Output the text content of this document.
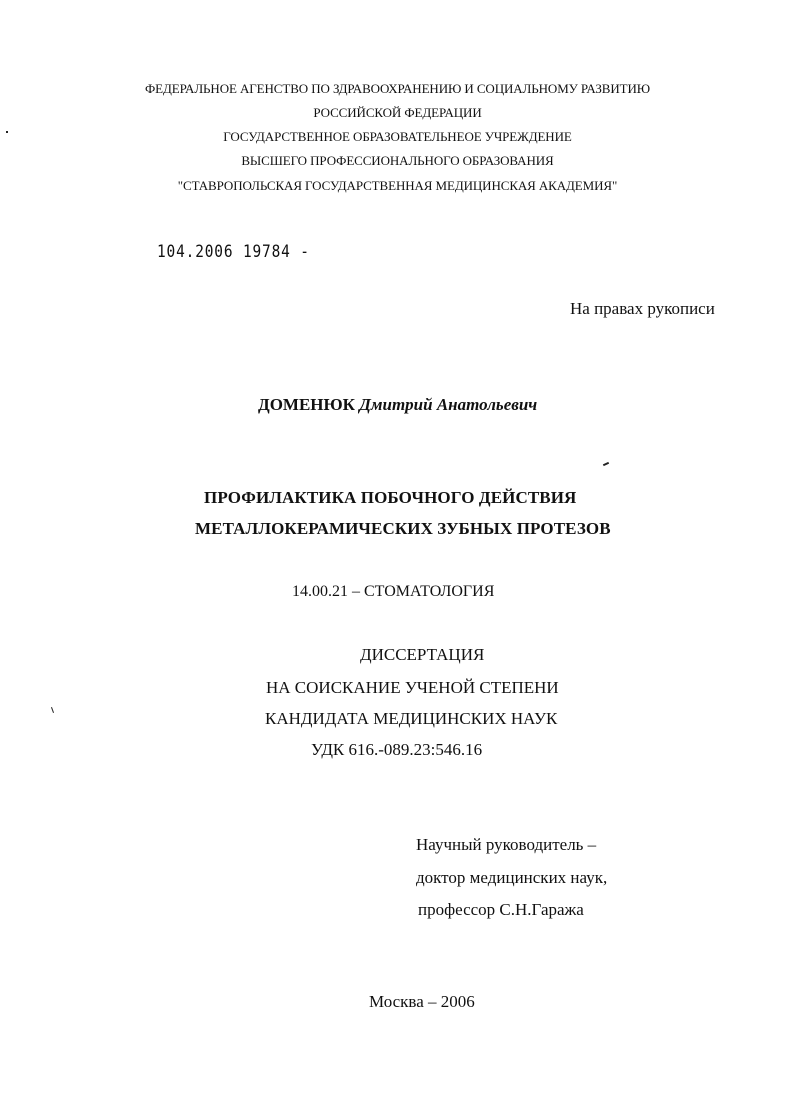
ФЕДЕРАЛЬНОЕ АГЕНСТВО ПО ЗДРАВООХРАНЕНИЮ И СОЦИАЛЬНОМУ РАЗВИТИЮ
РОССИЙСКОЙ ФЕДЕРАЦИИ
ГОСУДАРСТВЕННОЕ ОБРАЗОВАТЕЛЬНЕОЕ УЧРЕЖДЕНИЕ
ВЫСШЕГО ПРОФЕССИОНАЛЬНОГО ОБРАЗОВАНИЯ
"СТАВРОПОЛЬСКАЯ ГОСУДАРСТВЕННАЯ МЕДИЦИНСКАЯ АКАДЕМИЯ"
104.2006 19784 -
На правах рукописи
ДОМЕНЮК Дмитрий Анатольевич
ПРОФИЛАКТИКА ПОБОЧНОГО ДЕЙСТВИЯ
МЕТАЛЛОКЕРАМИЧЕСКИХ ЗУБНЫХ ПРОТЕЗОВ
14.00.21 – СТОМАТОЛОГИЯ
ДИССЕРТАЦИЯ
НА СОИСКАНИЕ УЧЕНОЙ СТЕПЕНИ
КАНДИДАТА МЕДИЦИНСКИХ НАУК
УДК 616.-089.23:546.16
Научный руководитель –
доктор медицинских наук,
профессор С.Н.Гаража
Москва – 2006
